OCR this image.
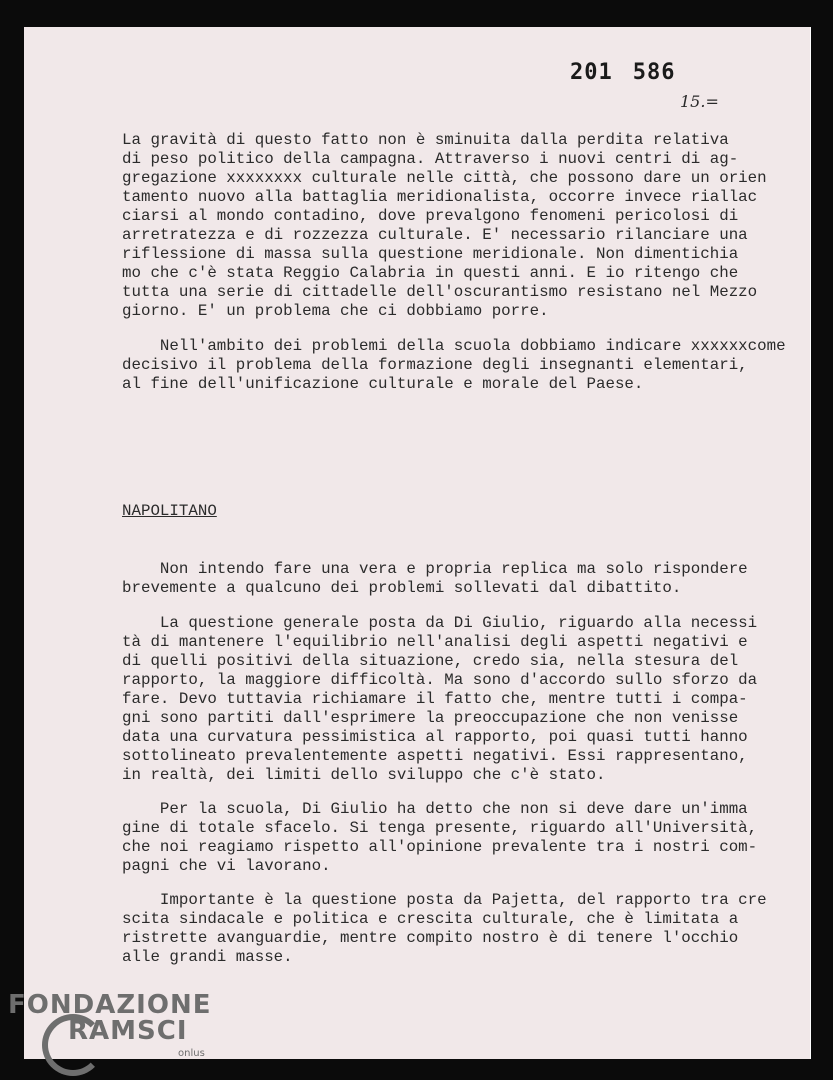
201 586
15.=
La gravità di questo fatto non è sminuita dalla perdita relativa
di peso politico della campagna. Attraverso i nuovi centri di ag-
gregazione xxxxxxxx culturale nelle città, che possono dare un orien
tamento nuovo alla battaglia meridionalista, occorre invece riallac
ciarsi al mondo contadino, dove prevalgono fenomeni pericolosi di
arretratezza e di rozzezza culturale. E' necessario rilanciare una
riflessione di massa sulla questione meridionale. Non dimentichia
mo che c'è stata Reggio Calabria in questi anni. E io ritengo che
tutta una serie di cittadelle dell'oscurantismo resistano nel Mezzo
giorno. E' un problema che ci dobbiamo porre.
Nell'ambito dei problemi della scuola dobbiamo indicare xxxxxxcome
decisivo il problema della formazione degli insegnanti elementari,
al fine dell'unificazione culturale e morale del Paese.
NAPOLITANO
Non intendo fare una vera e propria replica ma solo rispondere
brevemente a qualcuno dei problemi sollevati dal dibattito.
La questione generale posta da Di Giulio, riguardo alla necessi
tà di mantenere l'equilibrio nell'analisi degli aspetti negativi e
di quelli positivi della situazione, credo sia, nella stesura del
rapporto, la maggiore difficoltà. Ma sono d'accordo sullo sforzo da
fare. Devo tuttavia richiamare il fatto che, mentre tutti i compa-
gni sono partiti dall'esprimere la preoccupazione che non venisse
data una curvatura pessimistica al rapporto, poi quasi tutti hanno
sottolineato prevalentemente aspetti negativi. Essi rappresentano,
in realtà, dei limiti dello sviluppo che c'è stato.
Per la scuola, Di Giulio ha detto che non si deve dare un'imma
gine di totale sfacelo. Si tenga presente, riguardo all'Università,
che noi reagiamo rispetto all'opinione prevalente tra i nostri com-
pagni che vi lavorano.
Importante è la questione posta da Pajetta, del rapporto tra cre
scita sindacale e politica e crescita culturale, che è limitata a
ristrette avanguardie, mentre compito nostro è di tenere l'occhio
alle grandi masse.
FONDAZIONE
RAMSCI
onlus
